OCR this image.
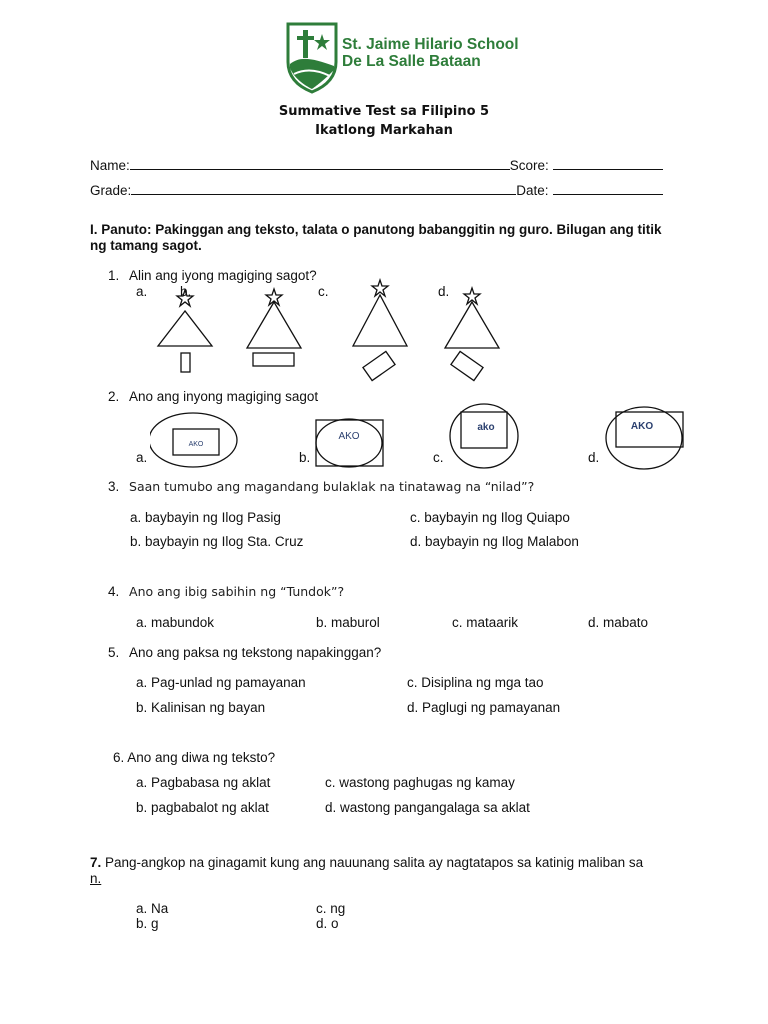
St. Jaime Hilario School
De La Salle Bataan
Summative Test sa Filipino 5
Ikatlong Markahan
Name:	Score:
Grade:	Date:
I. Panuto: Pakinggan ang teksto, talata o panutong babanggitin ng guro. Bilugan ang titik ng tamang sagot.
1. Alin ang iyong magiging sagot?
a. b.	c.	d.
2. Ano ang inyong magiging sagot
a.	b.	c.	d.
AKO
AKO
ako	AKO
3. Saan tumubo ang magandang bulaklak na tinatawag na “nilad”?
a. baybayin ng Ilog Pasig	c. baybayin ng Ilog Quiapo
b. baybayin ng Ilog Sta. Cruz	d. baybayin ng Ilog Malabon
4. Ano ang ibig sabihin ng “Tundok”?
a. mabundok	b. maburol	c. mataarik	d. mabato
5. Ano ang paksa ng tekstong napakinggan?
a. Pag-unlad ng pamayanan	c. Disiplina ng mga tao
b. Kalinisan ng bayan	d. Paglugi ng pamayanan
6. Ano ang diwa ng teksto?
a. Pagbabasa ng aklat	c. wastong paghugas ng kamay
b. pagbabalot ng aklat	d. wastong pangangalaga sa aklat
7. Pang-angkop na ginagamit kung ang nauunang salita ay nagtatapos sa katinig maliban sa n.
a. Na	c. ng
b. g	d. o
